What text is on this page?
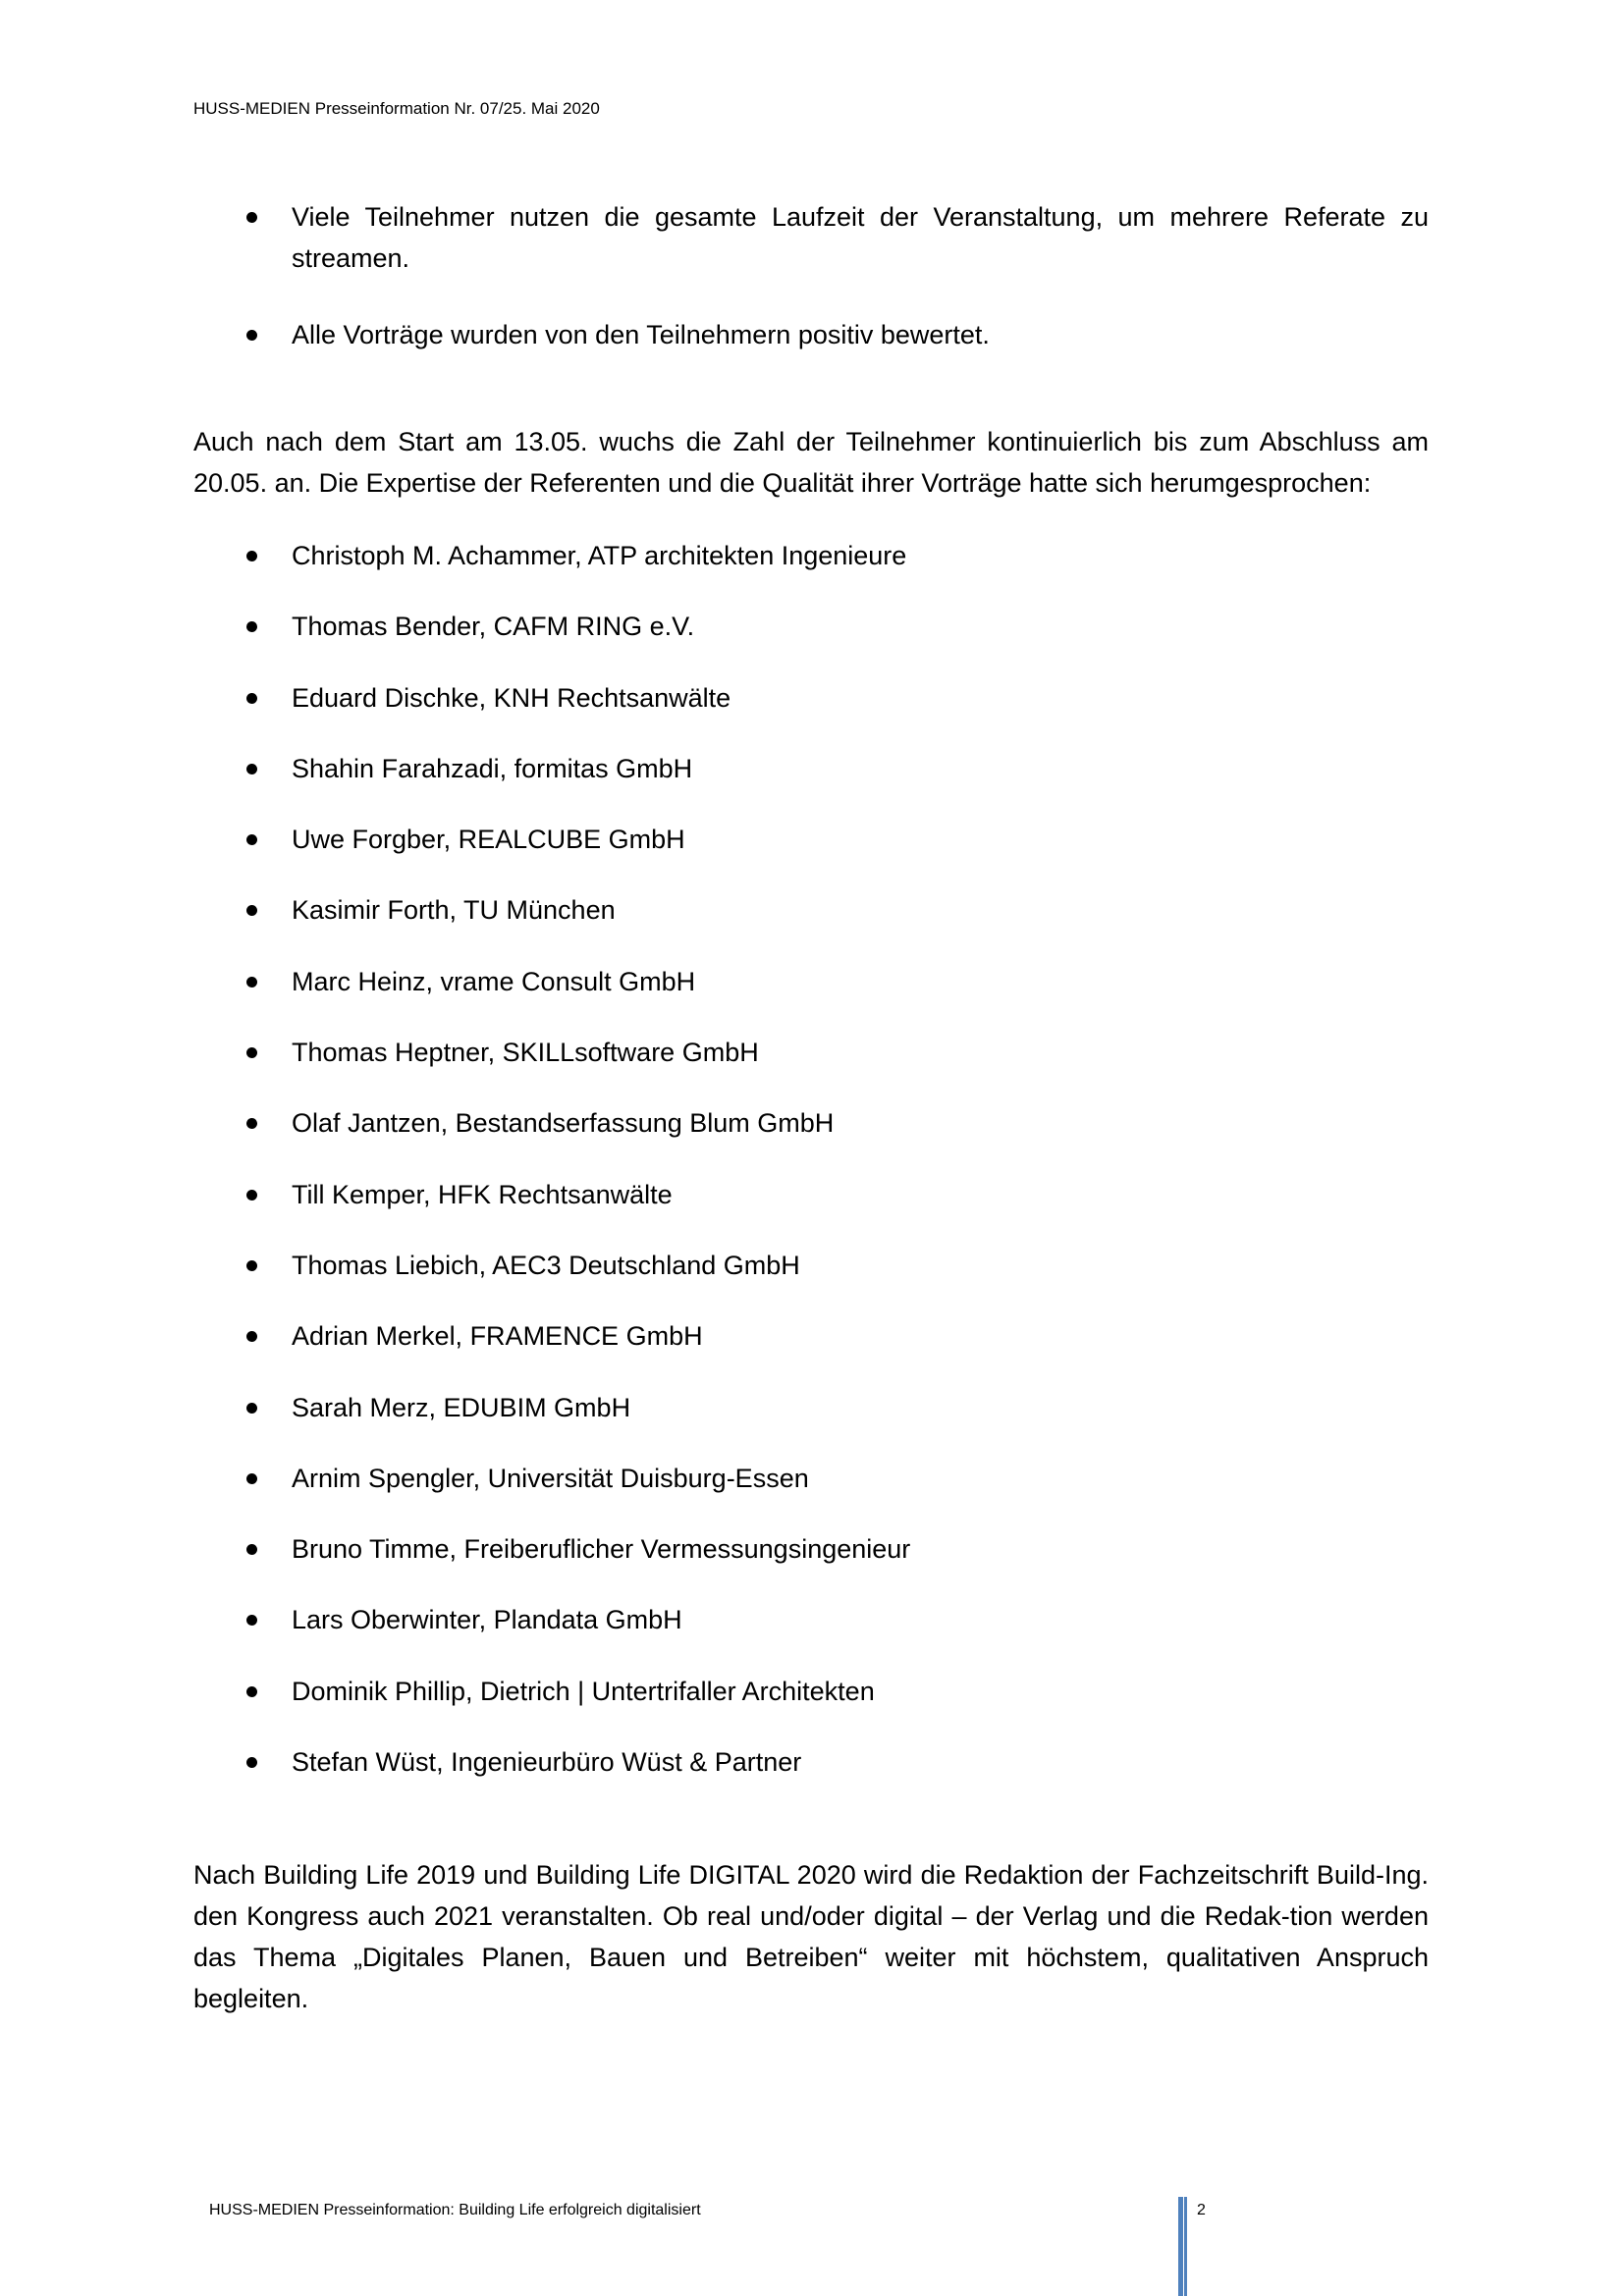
HUSS-MEDIEN Presseinformation Nr. 07/25. Mai 2020
Viele Teilnehmer nutzen die gesamte Laufzeit der Veranstaltung, um mehrere Referate zu streamen.
Alle Vorträge wurden von den Teilnehmern positiv bewertet.

Auch nach dem Start am 13.05. wuchs die Zahl der Teilnehmer kontinuierlich bis zum Abschluss am 20.05. an. Die Expertise der Referenten und die Qualität ihrer Vorträge hatte sich herumgesprochen:

Christoph M. Achammer, ATP architekten Ingenieure
Thomas Bender, CAFM RING e.V.
Eduard Dischke, KNH Rechtsanwälte
Shahin Farahzadi, formitas GmbH
Uwe Forgber, REALCUBE GmbH
Kasimir Forth, TU München
Marc Heinz, vrame Consult GmbH
Thomas Heptner, SKILLsoftware GmbH
Olaf Jantzen, Bestandserfassung Blum GmbH
Till Kemper, HFK Rechtsanwälte
Thomas Liebich, AEC3 Deutschland GmbH
Adrian Merkel, FRAMENCE GmbH
Sarah Merz, EDUBIM GmbH
Arnim Spengler, Universität Duisburg-Essen
Bruno Timme, Freiberuflicher Vermessungsingenieur
Lars Oberwinter, Plandata GmbH
Dominik Phillip, Dietrich | Untertrifaller Architekten
Stefan Wüst, Ingenieurbüro Wüst & Partner

Nach Building Life 2019 und Building Life DIGITAL 2020 wird die Redaktion der Fachzeitschrift Build-Ing. den Kongress auch 2021 veranstalten. Ob real und/oder digital – der Verlag und die Redak-tion werden das Thema „Digitales Planen, Bauen und Betreiben“ weiter mit höchstem, qualitativen Anspruch begleiten.

HUSS-MEDIEN Presseinformation: Building Life erfolgreich digitalisiert	2
